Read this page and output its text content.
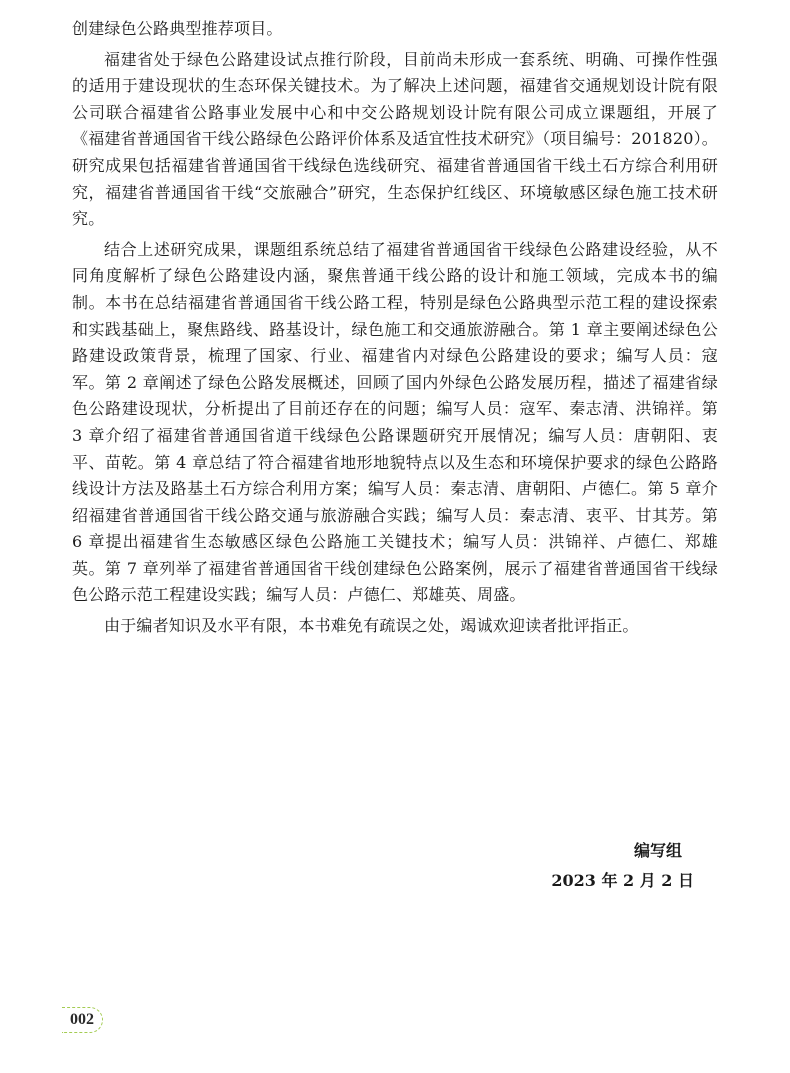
创建绿色公路典型推荐项目。

福建省处于绿色公路建设试点推行阶段，目前尚未形成一套系统、明确、可操作性强的适用于建设现状的生态环保关键技术。为了解决上述问题，福建省交通规划设计院有限公司联合福建省公路事业发展中心和中交公路规划设计院有限公司成立课题组，开展了《福建省普通国省干线公路绿色公路评价体系及适宜性技术研究》（项目编号：201820）。研究成果包括福建省普通国省干线绿色选线研究、福建省普通国省干线土石方综合利用研究，福建省普通国省干线“交旅融合”研究，生态保护红线区、环境敏感区绿色施工技术研究。

结合上述研究成果，课题组系统总结了福建省普通国省干线绿色公路建设经验，从不同角度解析了绿色公路建设内涵，聚焦普通干线公路的设计和施工领域，完成本书的编制。本书在总结福建省普通国省干线公路工程，特别是绿色公路典型示范工程的建设探索和实践基础上，聚焦路线、路基设计，绿色施工和交通旅游融合。第 1 章主要阐述绿色公路建设政策背景，梳理了国家、行业、福建省内对绿色公路建设的要求；编写人员：寇军。第 2 章阐述了绿色公路发展概述，回顾了国内外绿色公路发展历程，描述了福建省绿色公路建设现状，分析提出了目前还存在的问题；编写人员：寇军、秦志清、洪锦祥。第 3 章介绍了福建省普通国省道干线绿色公路课题研究开展情况；编写人员：唐朝阳、衷平、苗乾。第 4 章总结了符合福建省地形地貌特点以及生态和环境保护要求的绿色公路路线设计方法及路基土石方综合利用方案；编写人员：秦志清、唐朝阳、卢德仁。第 5 章介绍福建省普通国省干线公路交通与旅游融合实践；编写人员：秦志清、衷平、甘其芳。第 6 章提出福建省生态敏感区绿色公路施工关键技术；编写人员：洪锦祥、卢德仁、郑雄英。第 7 章列举了福建省普通国省干线创建绿色公路案例，展示了福建省普通国省干线绿色公路示范工程建设实践；编写人员：卢德仁、郑雄英、周盛。

由于编者知识及水平有限，本书难免有疏误之处，竭诚欢迎读者批评指正。

编写组
2023 年 2 月 2 日
002
